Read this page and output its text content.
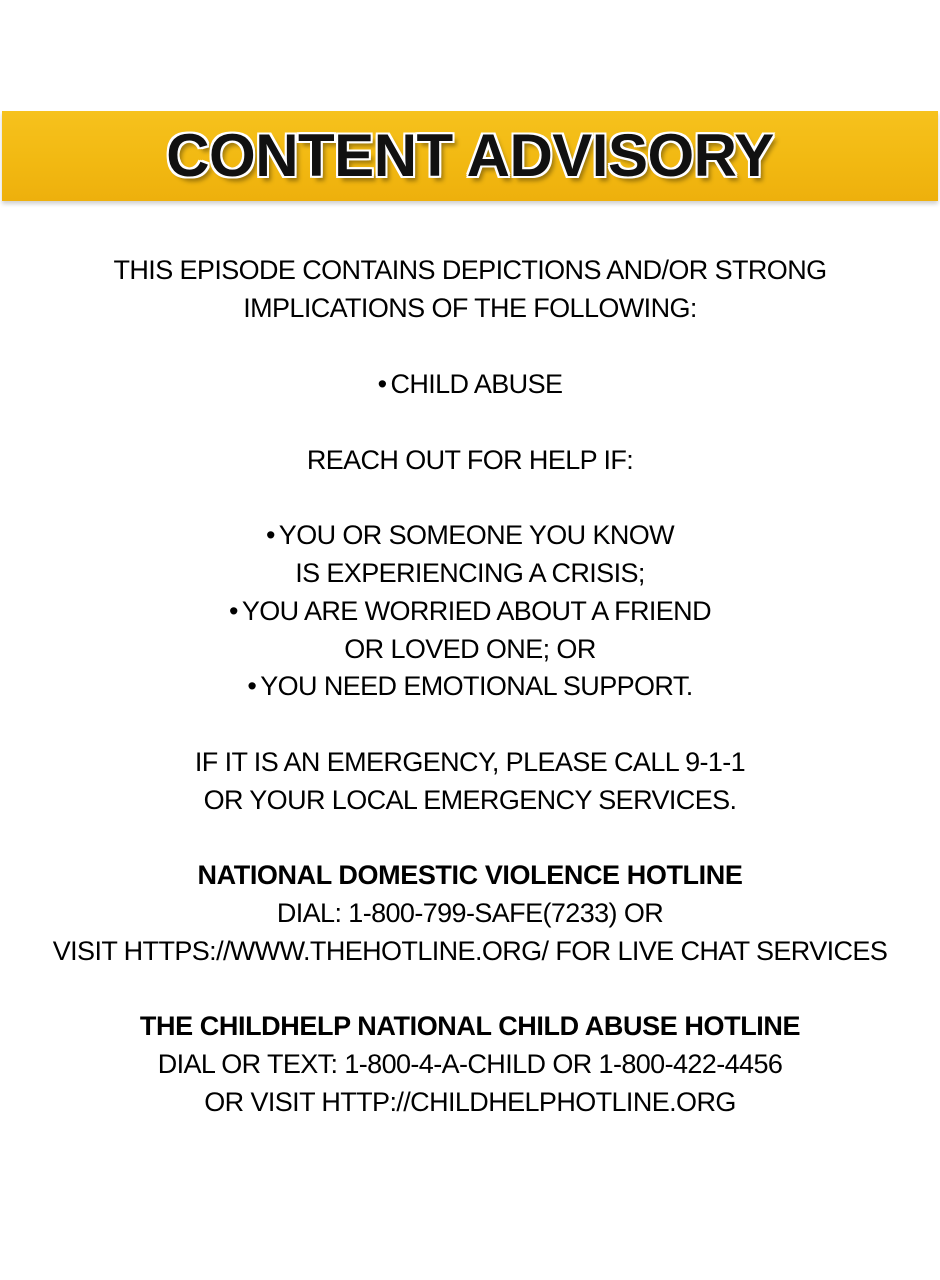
CONTENT ADVISORY
THIS EPISODE CONTAINS DEPICTIONS AND/OR STRONG
IMPLICATIONS OF THE FOLLOWING:
• CHILD ABUSE
REACH OUT FOR HELP IF:
• YOU OR SOMEONE YOU KNOW
IS EXPERIENCING A CRISIS;
• YOU ARE WORRIED ABOUT A FRIEND
OR LOVED ONE; OR
• YOU NEED EMOTIONAL SUPPORT.
IF IT IS AN EMERGENCY, PLEASE CALL 9-1-1
OR YOUR LOCAL EMERGENCY SERVICES.
NATIONAL DOMESTIC VIOLENCE HOTLINE
DIAL: 1-800-799-SAFE(7233) OR
VISIT HTTPS://WWW.THEHOTLINE.ORG/ FOR LIVE CHAT SERVICES
THE CHILDHELP NATIONAL CHILD ABUSE HOTLINE
DIAL OR TEXT: 1-800-4-A-CHILD OR 1-800-422-4456
OR VISIT HTTP://CHILDHELPHOTLINE.ORG
